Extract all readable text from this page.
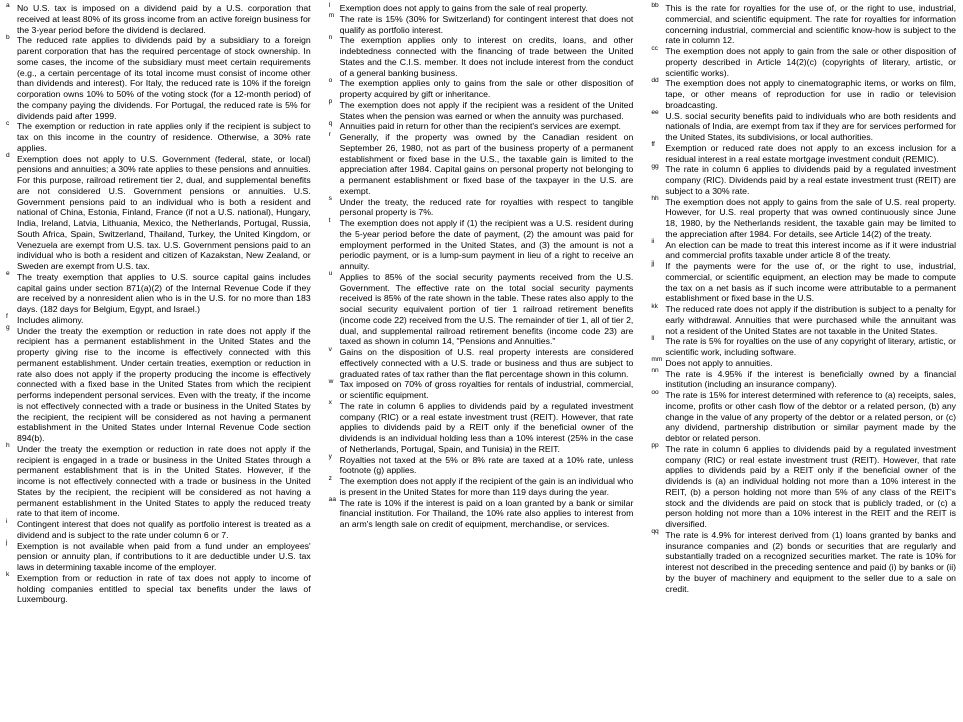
a No U.S. tax is imposed on a dividend paid by a U.S. corporation that received at least 80% of its gross income from an active foreign business for the 3-year period before the dividend is declared.
b The reduced rate applies to dividends paid by a subsidiary to a foreign parent corporation that has the required percentage of stock ownership. In some cases, the income of the subsidiary must meet certain requirements (e.g., a certain percentage of its total income must consist of income other than dividends and interest). For Italy, the reduced rate is 10% if the foreign corporation owns 10% to 50% of the voting stock (for a 12-month period) of the company paying the dividends. For Portugal, the reduced rate is 5% for dividends paid after 1999.
c The exemption or reduction in rate applies only if the recipient is subject to tax on this income in the country of residence. Otherwise, a 30% rate applies.
d Exemption does not apply to U.S. Government (federal, state, or local) pensions and annuities; a 30% rate applies to these pensions and annuities. For this purpose, railroad retirement tier 2, dual, and supplemental benefits are not considered U.S. Government pensions or annuities. U.S. Government pensions paid to an individual who is both a resident and national of China, Estonia, Finland, France (if not a U.S. national), Hungary, India, Ireland, Latvia, Lithuania, Mexico, the Netherlands, Portugal, Russia, South Africa, Spain, Switzerland, Thailand, Turkey, the United Kingdom, or Venezuela are exempt from U.S. tax. U.S. Government pensions paid to an individual who is both a resident and citizen of Kazakstan, New Zealand, or Sweden are exempt from U.S. tax.
e The treaty exemption that applies to U.S. source capital gains includes capital gains under section 871(a)(2) of the Internal Revenue Code if they are received by a nonresident alien who is in the U.S. for no more than 183 days. (182 days for Belgium, Egypt, and Israel.)
f Includes alimony.
g Under the treaty the exemption or reduction in rate does not apply if the recipient has a permanent establishment in the United States and the property giving rise to the income is effectively connected with this permanent establishment. Under certain treaties, exemption or reduction in rate also does not apply if the property producing the income is effectively connected with a fixed base in the United States from which the recipient performs independent personal services. Even with the treaty, if the income is not effectively connected with a trade or business in the United States by the recipient, the recipient will be considered as not having a permanent establishment in the United States under Internal Revenue Code section 894(b).
h Under the treaty the exemption or reduction in rate does not apply if the recipient is engaged in a trade or business in the United States through a permanent establishment that is in the United States. However, if the income is not effectively connected with a trade or business in the United States by the recipient, the recipient will be considered as not having a permanent establishment in the United States to apply the reduced treaty rate to that item of income.
i Contingent interest that does not qualify as portfolio interest is treated as a dividend and is subject to the rate under column 6 or 7.
j Exemption is not available when paid from a fund under an employees' pension or annuity plan, if contributions to it are deductible under U.S. tax laws in determining taxable income of the employer.
k Exemption from or reduction in rate of tax does not apply to income of holding companies entitled to special tax benefits under the laws of Luxembourg.
l Exemption does not apply to gains from the sale of real property.
m The rate is 15% (30% for Switzerland) for contingent interest that does not qualify as portfolio interest.
n The exemption applies only to interest on credits, loans, and other indebtedness connected with the financing of trade between the United States and the C.I.S. member. It does not include interest from the conduct of a general banking business.
o The exemption applies only to gains from the sale or other disposition of property acquired by gift or inheritance.
p The exemption does not apply if the recipient was a resident of the United States when the pension was earned or when the annuity was purchased.
q Annuities paid in return for other than the recipient's services are exempt.
r Generally, if the property was owned by the Canadian resident on September 26, 1980, not as part of the business property of a permanent establishment or fixed base in the U.S., the taxable gain is limited to the appreciation after 1984. Capital gains on personal property not belonging to a permanent establishment or fixed base of the taxpayer in the U.S. are exempt.
s Under the treaty, the reduced rate for royalties with respect to tangible personal property is 7%.
t The exemption does not apply if (1) the recipient was a U.S. resident during the 5-year period before the date of payment, (2) the amount was paid for employment performed in the United States, and (3) the amount is not a periodic payment, or is a lump-sum payment in lieu of a right to receive an annuity.
u Applies to 85% of the social security payments received from the U.S. Government. The effective rate on the total social security payments received is 85% of the rate shown in the table. These rates also apply to the social security equivalent portion of tier 1 railroad retirement benefits (income code 22) received from the U.S. The remainder of tier 1, all of tier 2, dual, and supplemental railroad retirement benefits (income code 23) are taxed as shown in column 14, "Pensions and Annuities."
v Gains on the disposition of U.S. real property interests are considered effectively connected with a U.S. trade or business and thus are subject to graduated rates of tax rather than the flat percentage shown in this column.
w Tax imposed on 70% of gross royalties for rentals of industrial, commercial, or scientific equipment.
x The rate in column 6 applies to dividends paid by a regulated investment company (RIC) or a real estate investment trust (REIT). However, that rate applies to dividends paid by a REIT only if the beneficial owner of the dividends is an individual holding less than a 10% interest (25% in the case of Netherlands, Portugal, Spain, and Tunisia) in the REIT.
y Royalties not taxed at the 5% or 8% rate are taxed at a 10% rate, unless footnote (g) applies.
z The exemption does not apply if the recipient of the gain is an individual who is present in the United States for more than 119 days during the year.
aa The rate is 10% if the interest is paid on a loan granted by a bank or similar financial institution. For Thailand, the 10% rate also applies to interest from an arm's length sale on credit of equipment, merchandise, or services.
bb This is the rate for royalties for the use of, or the right to use, industrial, commercial, and scientific equipment. The rate for royalties for information concerning industrial, commercial and scientific know-how is subject to the rate in column 12.
cc The exemption does not apply to gain from the sale or other disposition of property described in Article 14(2)(c) (copyrights of literary, artistic, or scientific works).
dd The exemption does not apply to cinematographic items, or works on film, tape, or other means of reproduction for use in radio or television broadcasting.
ee U.S. social security benefits paid to individuals who are both residents and nationals of India, are exempt from tax if they are for services performed for the United States, its subdivisions, or local authorities.
ff Exemption or reduced rate does not apply to an excess inclusion for a residual interest in a real estate mortgage investment conduit (REMIC).
gg The rate in column 6 applies to dividends paid by a regulated investment company (RIC). Dividends paid by a real estate investment trust (REIT) are subject to a 30% rate.
hh The exemption does not apply to gains from the sale of U.S. real property. However, for U.S. real property that was owned continuously since June 18, 1980, by the Netherlands resident, the taxable gain may be limited to the appreciation after 1984. For details, see Article 14(2) of the treaty.
ii An election can be made to treat this interest income as if it were industrial and commercial profits taxable under article 8 of the treaty.
jj If the payments were for the use of, or the right to use, industrial, commercial, or scientific equipment, an election may be made to compute the tax on a net basis as if such income were attributable to a permanent establishment or fixed base in the U.S.
kk The reduced rate does not apply if the distribution is subject to a penalty for early withdrawal. Annuities that were purchased while the annuitant was not a resident of the United States are not taxable in the United States.
ll The rate is 5% for royalties on the use of any copyright of literary, artistic, or scientific work, including software.
mm Does not apply to annuities.
nn The rate is 4.95% if the interest is beneficially owned by a financial institution (including an insurance company).
oo The rate is 15% for interest determined with reference to (a) receipts, sales, income, profits or other cash flow of the debtor or a related person, (b) any change in the value of any property of the debtor or a related person, or (c) any dividend, partnership distribution or similar payment made by the debtor or related person.
pp The rate in column 6 applies to dividends paid by a regulated investment company (RIC) or real estate investment trust (REIT). However, that rate applies to dividends paid by a REIT only if the beneficial owner of the dividends is (a) an individual holding not more than a 10% interest in the REIT, (b) a person holding not more than 5% of any class of the REIT's stock and the dividends are paid on stock that is publicly traded, or (c) a person holding not more than a 10% interest in the REIT and the REIT is diversified.
qq The rate is 4.9% for interest derived from (1) loans granted by banks and insurance companies and (2) bonds or securities that are regularly and substantially traded on a recognized securities market. The rate is 10% for interest not described in the preceding sentence and paid (i) by banks or (ii) by the buyer of machinery and equipment to the seller due to a sale on credit.
